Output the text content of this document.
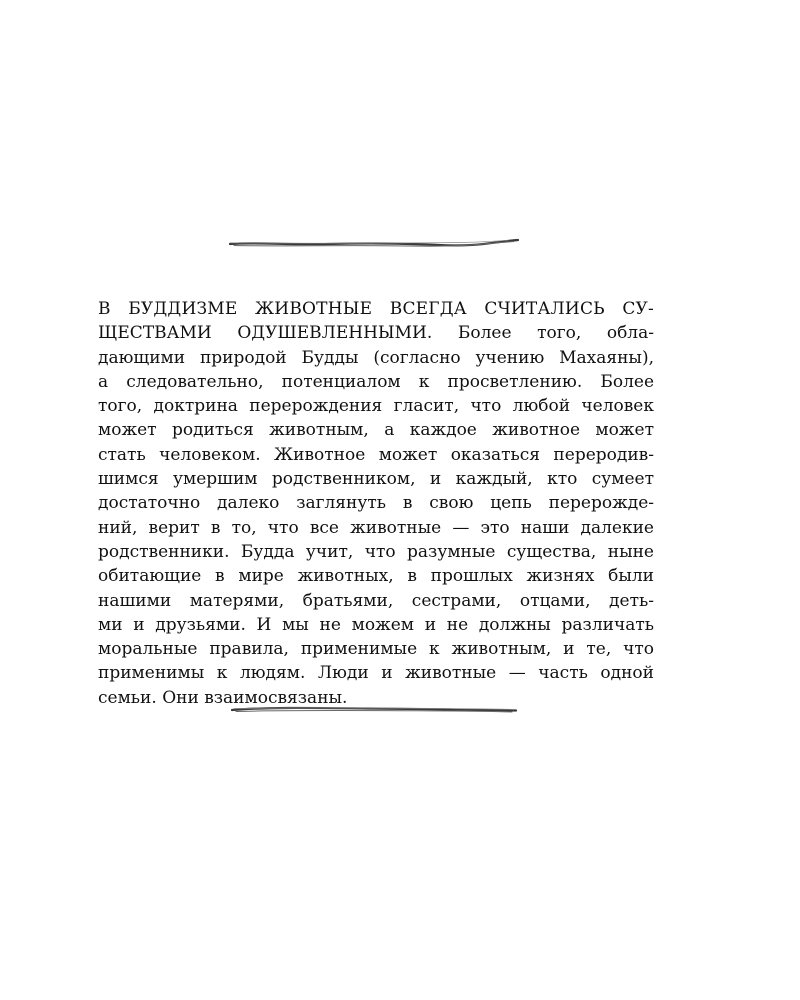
В БУДДИЗМЕ ЖИВОТНЫЕ ВСЕГДА СЧИТАЛИСЬ СУ-
ЩЕСТВАМИ ОДУШЕВЛЕННЫМИ. Более того, обла-
дающими природой Будды (согласно учению Махаяны),
а следовательно, потенциалом к просветлению. Более
того, доктрина перерождения гласит, что любой человек
может родиться животным, а каждое животное может
стать человеком. Животное может оказаться переродив-
шимся умершим родственником, и каждый, кто сумеет
достаточно далеко заглянуть в свою цепь перерожде-
ний, верит в то, что все животные — это наши далекие
родственники. Будда учит, что разумные существа, ныне
обитающие в мире животных, в прошлых жизнях были
нашими матерями, братьями, сестрами, отцами, деть-
ми и друзьями. И мы не можем и не должны различать
моральные правила, применимые к животным, и те, что
применимы к людям. Люди и животные — часть одной
семьи. Они взаимосвязаны.
